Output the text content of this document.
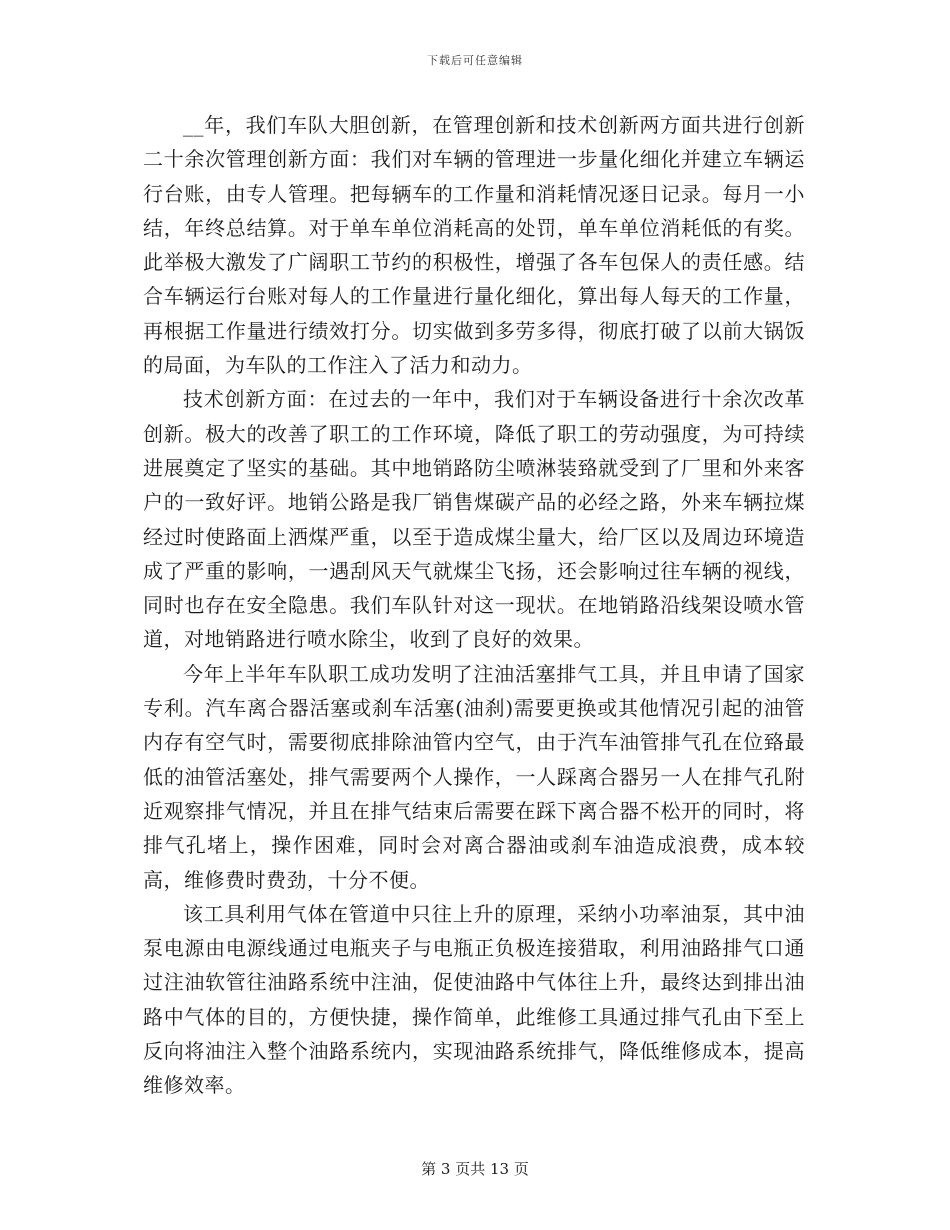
下载后可任意编辑

__年，我们车队大胆创新，在管理创新和技术创新两方面共进行创新二十余次管理创新方面：我们对车辆的管理进一步量化细化并建立车辆运行台账，由专人管理。把每辆车的工作量和消耗情况逐日记录。每月一小结，年终总结算。对于单车单位消耗高的处罚，单车单位消耗低的有奖。此举极大激发了广阔职工节约的积极性，增强了各车包保人的责任感。结合车辆运行台账对每人的工作量进行量化细化，算出每人每天的工作量，再根据工作量进行绩效打分。切实做到多劳多得，彻底打破了以前大锅饭的局面，为车队的工作注入了活力和动力。

技术创新方面：在过去的一年中，我们对于车辆设备进行十余次改革创新。极大的改善了职工的工作环境，降低了职工的劳动强度，为可持续进展奠定了坚实的基础。其中地销路防尘喷淋装臵就受到了厂里和外来客户的一致好评。地销公路是我厂销售煤碳产品的必经之路，外来车辆拉煤经过时使路面上洒煤严重，以至于造成煤尘量大，给厂区以及周边环境造成了严重的影响，一遇刮风天气就煤尘飞扬，还会影响过往车辆的视线，同时也存在安全隐患。我们车队针对这一现状。在地销路沿线架设喷水管道，对地销路进行喷水除尘，收到了良好的效果。

今年上半年车队职工成功发明了注油活塞排气工具，并且申请了国家专利。汽车离合器活塞或刹车活塞(油刹)需要更换或其他情况引起的油管内存有空气时，需要彻底排除油管内空气，由于汽车油管排气孔在位臵最低的油管活塞处，排气需要两个人操作，一人踩离合器另一人在排气孔附近观察排气情况，并且在排气结束后需要在踩下离合器不松开的同时，将排气孔堵上，操作困难，同时会对离合器油或刹车油造成浪费，成本较高，维修费时费劲，十分不便。

该工具利用气体在管道中只往上升的原理，采纳小功率油泵，其中油泵电源由电源线通过电瓶夹子与电瓶正负极连接猎取，利用油路排气口通过注油软管往油路系统中注油，促使油路中气体往上升，最终达到排出油路中气体的目的，方便快捷，操作简单，此维修工具通过排气孔由下至上反向将油注入整个油路系统内，实现油路系统排气，降低维修成本，提高维修效率。

第 3 页共 13 页
